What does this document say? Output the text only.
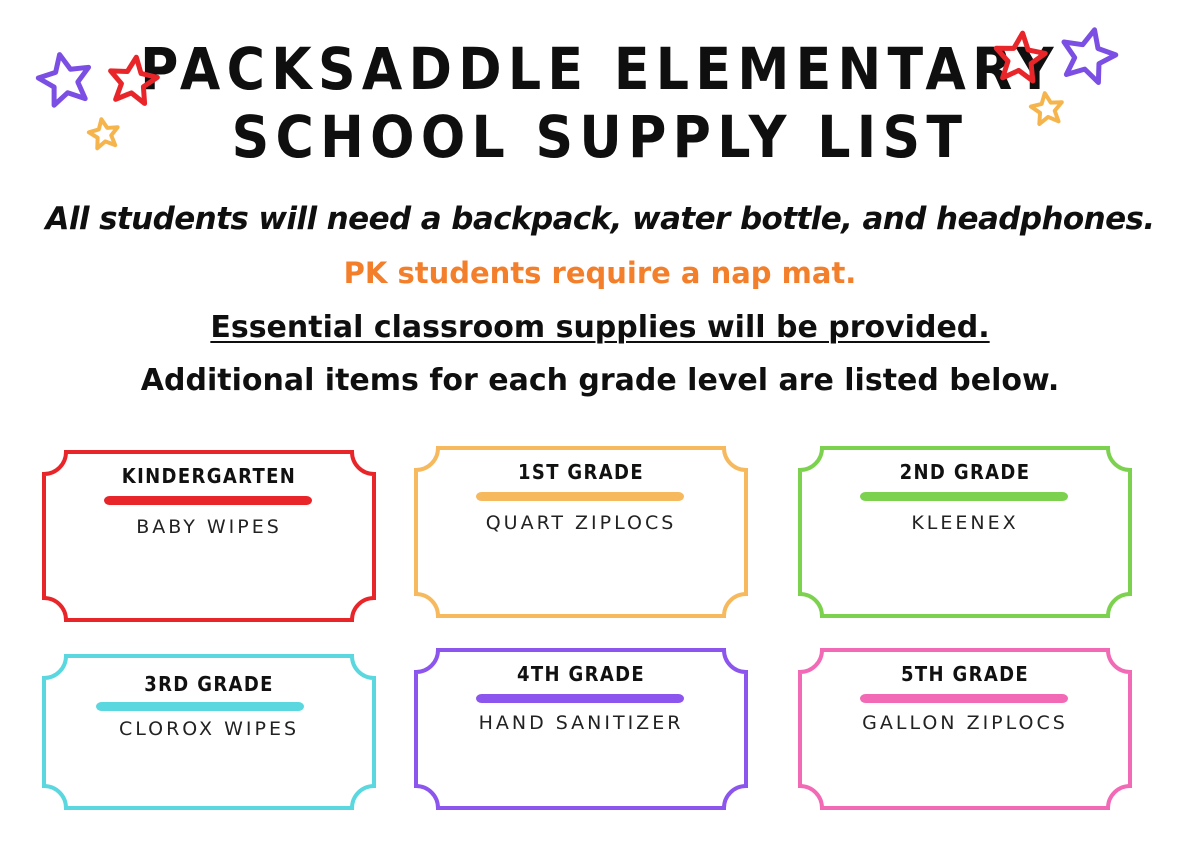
PACKSADDLE ELEMENTARY
SCHOOL SUPPLY LIST

All students will need a backpack, water bottle, and headphones.

PK students require a nap mat.

Essential classroom supplies will be provided.

Additional items for each grade level are listed below.

KINDERGARTEN
BABY WIPES
1ST GRADE
QUART ZIPLOCS
2ND GRADE
KLEENEX
3RD GRADE
CLOROX WIPES
4TH GRADE
HAND SANITIZER
5TH GRADE
GALLON ZIPLOCS
